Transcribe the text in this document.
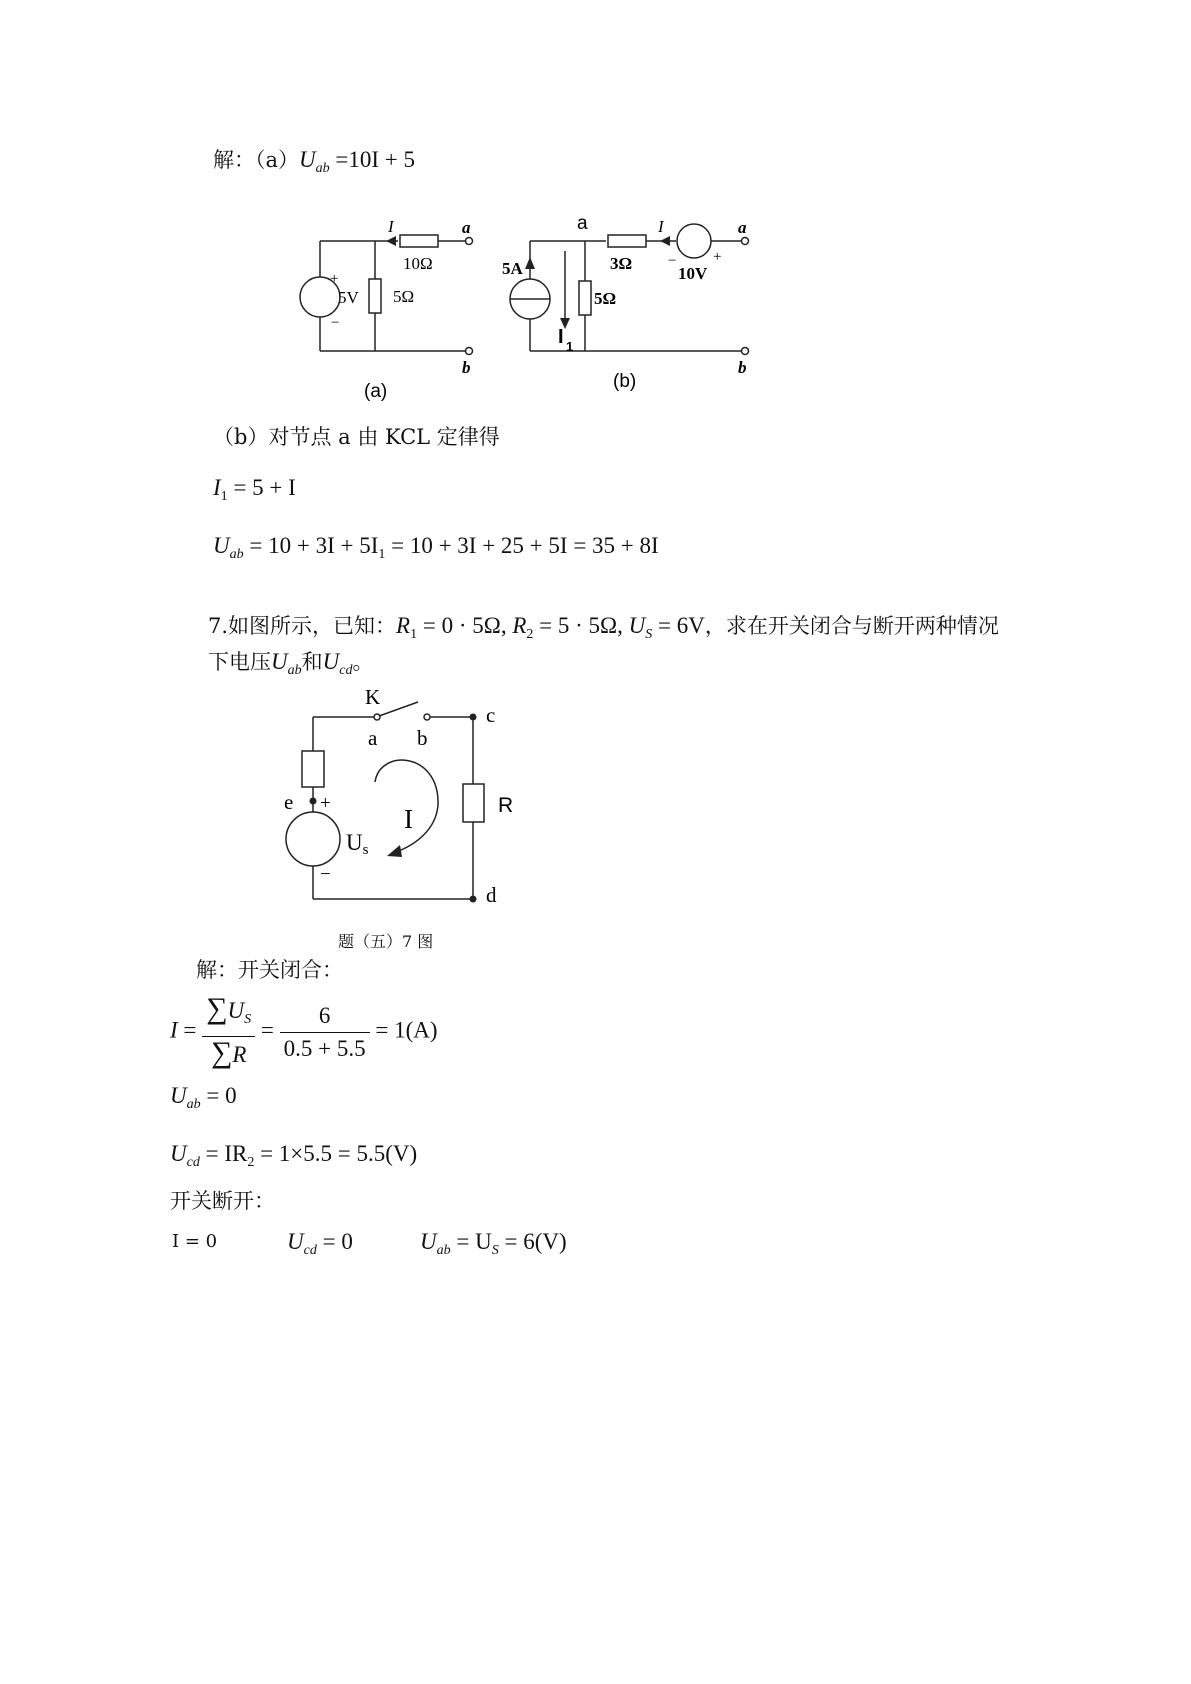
解：$(a)U_{ab} =10I + 5$
I
10Ω
5Ω
5V
+
−
a
b
(a)
a
5A
I
3Ω
5Ω
I 1
−
10V
+
a
b
(b)
（b）对节点 a 由 KCL 定律得
$I_1 = 5 + I$
$U_{ab} = 10 + 3I + 5I_1 = 10 + 3I + 25 + 5I = 35 + 8I$
7.如图所示，已知：$R_1 = 0 \cdot 5\Omega$, $R_2 = 5 \cdot 5\Omega$, $U_S = 6V$，求在开关闭合与断开两种情况
下电压$U_{ab}$和$U_{cd}$。
K
a b
c
d
e +
−
Us
I	R
题（五）7 图
解：开关闭合：
$I = \frac{\sum U_S}{\sum R} = \frac{6}{0.5 + 5.5} = 1(A)$
$U_{ab} = 0$
$U_{cd} = IR_2 = 1\times 5.5 = 5.5(V)$
开关断开：
I = 0	$U_{cd} = 0$	$U_{ab} = U_S = 6(V)$
